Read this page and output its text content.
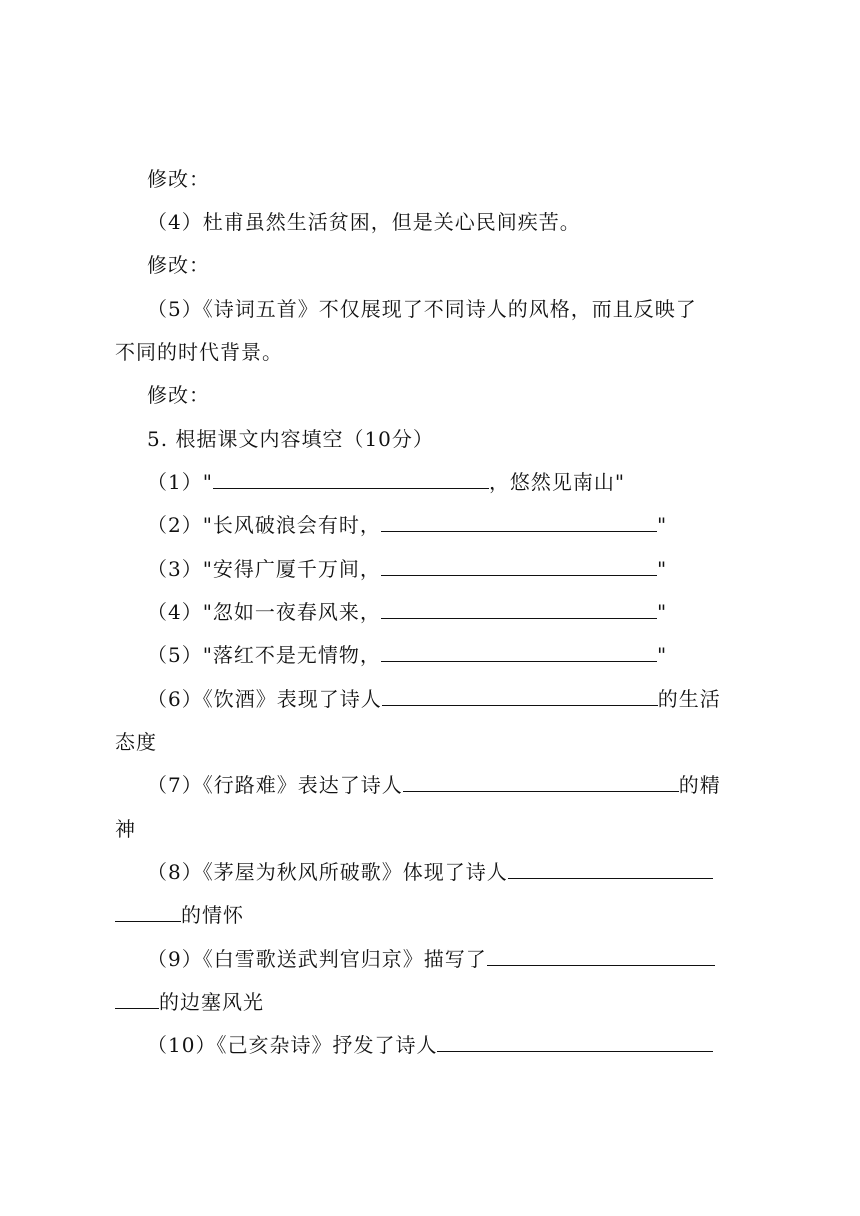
修改：
（4）杜甫虽然生活贫困，但是关心民间疾苦。
修改：
（5）《诗词五首》不仅展现了不同诗人的风格，而且反映了
不同的时代背景。
修改：
5. 根据课文内容填空（10分）
（1）"	，悠然见南山"
（2）"长风破浪会有时，	"
（3）"安得广厦千万间，	"
（4）"忽如一夜春风来，	"
（5）"落红不是无情物，	"
（6）《饮酒》表现了诗人	的生活
态度
（7）《行路难》表达了诗人	的精
神
（8）《茅屋为秋风所破歌》体现了诗人
的情怀
（9）《白雪歌送武判官归京》描写了
的边塞风光
（10）《己亥杂诗》抒发了诗人
